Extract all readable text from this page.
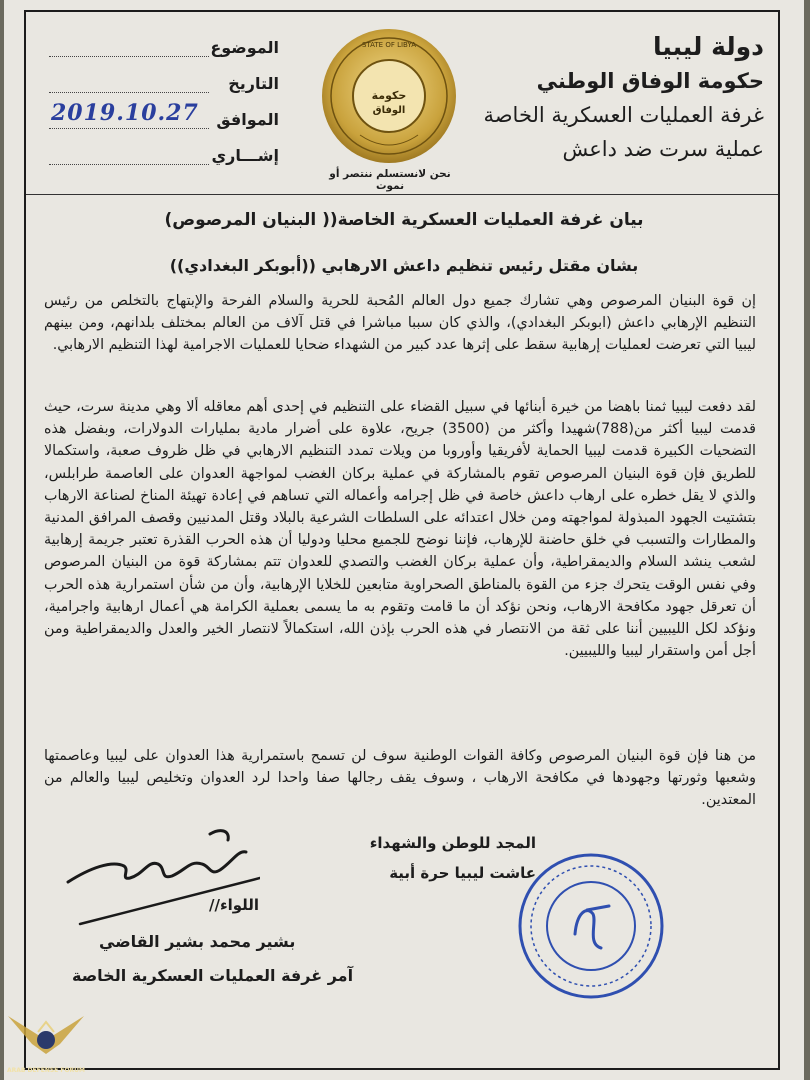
دولة ليبيا
حكومة الوفاق الوطني
غرفة العمليات العسكرية الخاصة
عملية سرت ضد داعش
الموضوع
التاريخ
الموافق
2019.10.27
إشـــاري
STATE OF LIBYA
حكومة
الوفاق
نحن لانستسلم ننتصر أو نموت
بيان غرفة العمليات العسكرية الخاصة(( البنيان المرصوص)
بشان مقتل رئيس تنظيم داعش الارهابي ((أبوبكر البغدادي))
إن قوة البنيان المرصوص وهي تشارك جميع دول العالم المُحبة للحرية والسلام الفرحة والإبتهاج بالتخلص من رئيس التنظيم الإرهابي داعش (ابوبكر البغدادي)، والذي كان سببا مباشرا في قتل آلاف من العالم بمختلف بلدانهم، ومن بينهم ليبيا التي تعرضت لعمليات إرهابية سقط على إثرها عدد كبير من الشهداء ضحايا للعمليات الاجرامية لهذا التنظيم الارهابي.
لقد دفعت ليبيا ثمنا باهضا من خيرة أبنائها في سبيل القضاء على التنظيم في إحدى أهم معاقله ألا وهي مدينة سرت، حيث قدمت ليبيا أكثر من(788)شهيدا وأكثر من (3500) جريح، علاوة على أضرار مادية بمليارات الدولارات، وبفضل هذه التضحيات الكبيرة قدمت ليبيا الحماية لأفريقيا وأوروبا من ويلات تمدد التنظيم الارهابي في ظل ظروف صعبة، واستكمالا للطريق فإن قوة البنيان المرصوص تقوم بالمشاركة في عملية بركان الغضب لمواجهة العدوان على العاصمة طرابلس، والذي لا يقل خطره على ارهاب داعش خاصة في ظل إجرامه وأعماله التي تساهم في إعادة تهيئة المناخ لصناعة الارهاب بتشتيت الجهود المبذولة لمواجهته ومن خلال اعتدائه على السلطات الشرعية بالبلاد وقتل المدنيين وقصف المرافق المدنية والمطارات والتسبب في خلق حاضنة للإرهاب، فإننا نوضح للجميع محليا ودوليا أن هذه الحرب القذرة تعتبر جريمة إرهابية لشعب ينشد السلام والديمقراطية، وأن عملية بركان الغضب والتصدي للعدوان تتم بمشاركة قوة من البنيان المرصوص وفي نفس الوقت يتحرك جزء من القوة بالمناطق الصحراوية متابعين للخلايا الإرهابية، وأن من شأن استمرارية هذه الحرب أن تعرقل جهود مكافحة الارهاب، ونحن نؤكد أن ما قامت وتقوم به ما يسمى بعملية الكرامة هي أعمال ارهابية واجرامية، ونؤكد لكل الليبيين أننا على ثقة من الانتصار في هذه الحرب بإذن الله، استكمالاً لانتصار الخير والعدل والديمقراطية ومن أجل أمن واستقرار ليبيا والليبيين.
من هنا فإن قوة البنيان المرصوص وكافة القوات الوطنية سوف لن تسمح باستمرارية هذا العدوان على ليبيا وعاصمتها وشعبها وثورتها وجهودها في مكافحة الارهاب ، وسوف يقف رجالها صفا واحدا لرد العدوان وتخليص ليبيا والعالم من المعتدين.
المجد للوطن والشهداء
عاشت ليبيا حرة أبية
اللواء//
بشير محمد بشير القاضي
آمر غرفة العمليات العسكرية الخاصة
ARAB DEFENSE FORUM
